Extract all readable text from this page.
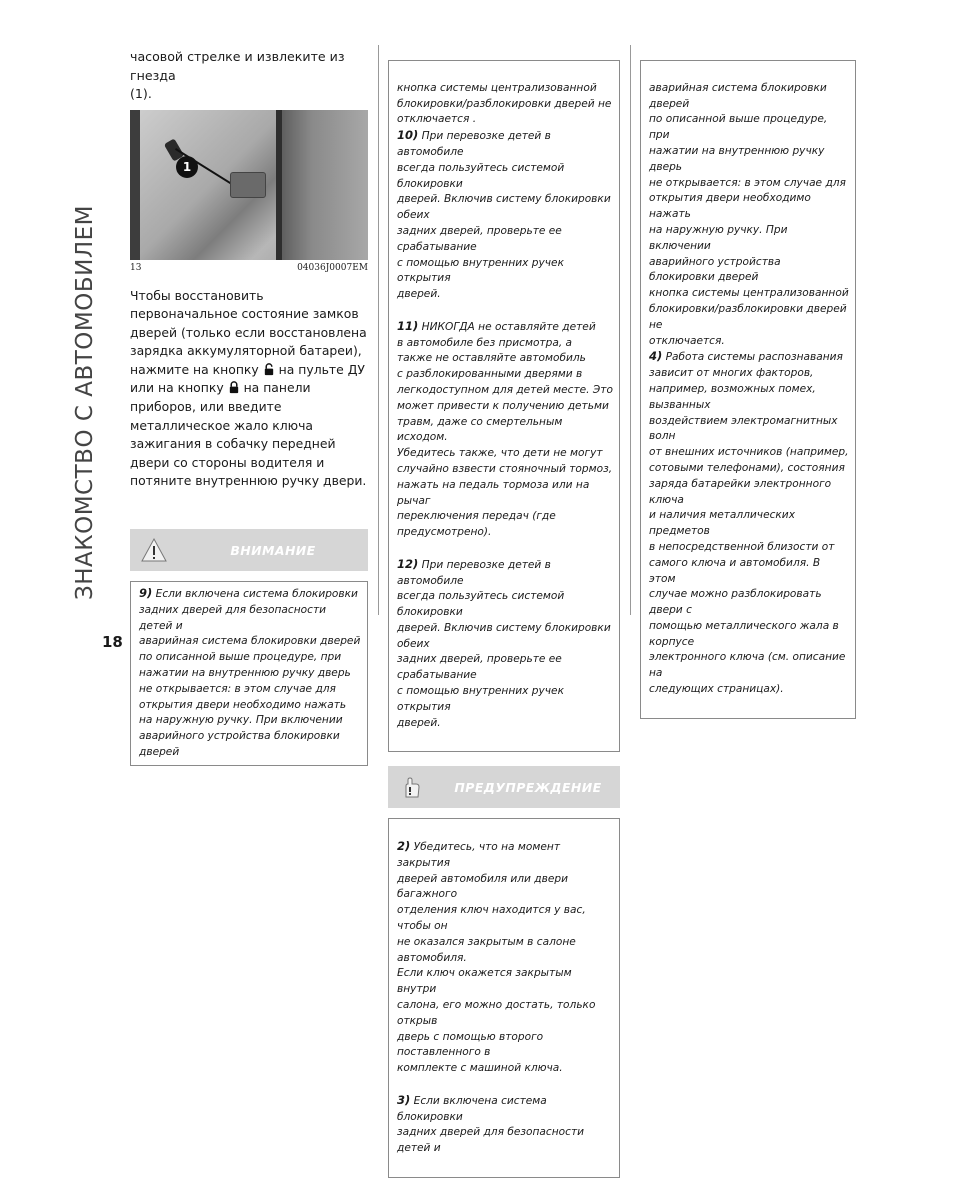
ЗНАКОМСТВО С АВТОМОБИЛЕМ
18
часовой стрелке и извлеките из гнезда
(1).
1
13	04036J0007EM
Чтобы восстановить первоначальное состояние замков дверей (только если восстановлена зарядка аккумуляторной батареи), нажмите на кнопку  на пульте ДУ или на кнопку  на панели приборов, или введите металлическое жало ключа зажигания в собачку передней двери со стороны водителя и потяните внутреннюю ручку двери.
ВНИМАНИЕ
9) Если включена система блокировки
задних дверей для безопасности детей и
аварийная система блокировки дверей
по описанной выше процедуре, при
нажатии на внутреннюю ручку дверь
не открывается: в этом случае для
открытия двери необходимо нажать
на наружную ручку. При включении
аварийного устройства блокировки дверей

кнопка системы централизованной
блокировки/разблокировки дверей не
отключается .

10) При перевозке детей в автомобиле
всегда пользуйтесь системой блокировки
дверей. Включив систему блокировки обеих
задних дверей, проверьте ее срабатывание
с помощью внутренних ручек открытия
дверей.

11) НИКОГДА не оставляйте детей
в автомобиле без присмотра, а
также не оставляйте автомобиль
с разблокированными дверями в
легкодоступном для детей месте. Это
может привести к получению детьми
травм, даже со смертельным исходом.
Убедитесь также, что дети не могут
случайно взвести стояночный тормоз,
нажать на педаль тормоза или на рычаг
переключения передач (где предусмотрено).

12) При перевозке детей в автомобиле
всегда пользуйтесь системой блокировки
дверей. Включив систему блокировки обеих
задних дверей, проверьте ее срабатывание
с помощью внутренних ручек открытия
дверей.

ПРЕДУПРЕЖДЕНИЕ

2) Убедитесь, что на момент закрытия
дверей автомобиля или двери багажного
отделения ключ находится у вас, чтобы он
не оказался закрытым в салоне автомобиля.
Если ключ окажется закрытым внутри
салона, его можно достать, только открыв
дверь с помощью второго поставленного в
комплекте с машиной ключа.

3) Если включена система блокировки
задних дверей для безопасности детей и

аварийная система блокировки дверей
по описанной выше процедуре, при
нажатии на внутреннюю ручку дверь
не открывается: в этом случае для
открытия двери необходимо нажать
на наружную ручку. При включении
аварийного устройства блокировки дверей
кнопка системы централизованной
блокировки/разблокировки дверей не
отключается.

4) Работа системы распознавания
зависит от многих факторов,
например, возможных помех, вызванных
воздействием электромагнитных волн
от внешних источников (например,
сотовыми телефонами), состояния
заряда батарейки электронного ключа
и наличия металлических предметов
в непосредственной близости от
самого ключа и автомобиля. В этом
случае можно разблокировать двери с
помощью металлического жала в корпусе
электронного ключа (см. описание на
следующих страницах).
